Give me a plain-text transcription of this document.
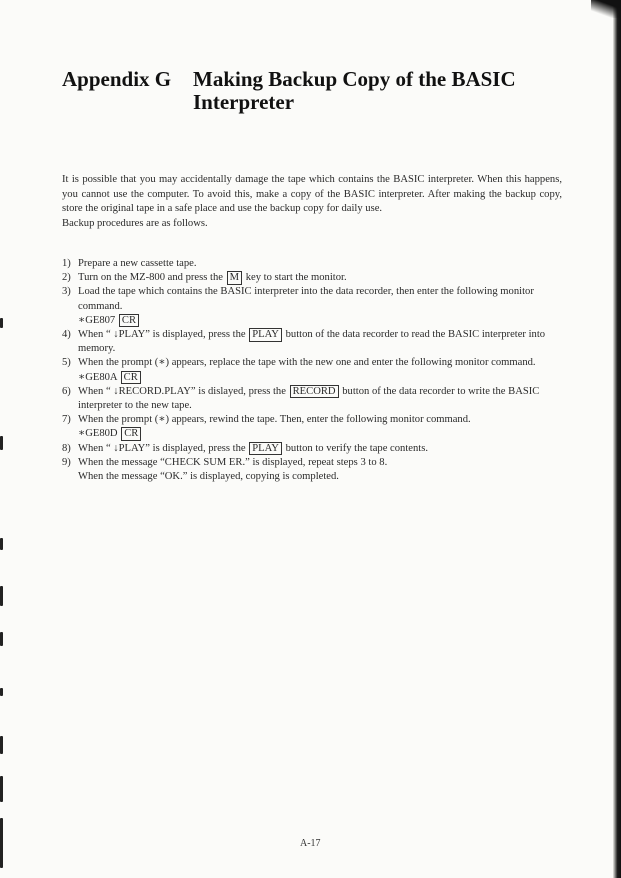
Appendix G Making Backup Copy of the BASIC Interpreter

It is possible that you may accidentally damage the tape which contains the BASIC interpreter. When this happens, you cannot use the computer. To avoid this, make a copy of the BASIC interpreter. After making the backup copy, store the original tape in a safe place and use the backup copy for daily use.

Backup procedures are as follows.

1) Prepare a new cassette tape.
2) Turn on the MZ-800 and press the M key to start the monitor.
3) Load the tape which contains the BASIC interpreter into the data recorder, then enter the following monitor command.
∗GE807 CR
4) When “ ↓PLAY” is displayed, press the PLAY button of the data recorder to read the BASIC interpreter into memory.
5) When the prompt (∗) appears, replace the tape with the new one and enter the following monitor command.
∗GE80A CR
6) When “ ↓RECORD.PLAY” is dislayed, press the RECORD button of the data recorder to write the BASIC interpreter to the new tape.
7) When the prompt (∗) appears, rewind the tape. Then, enter the following monitor command.
∗GE80D CR
8) When “ ↓PLAY” is displayed, press the PLAY button to verify the tape contents.
9) When the message “CHECK SUM ER.” is displayed, repeat steps 3 to 8.
When the message “OK.” is displayed, copying is completed.
A-17
